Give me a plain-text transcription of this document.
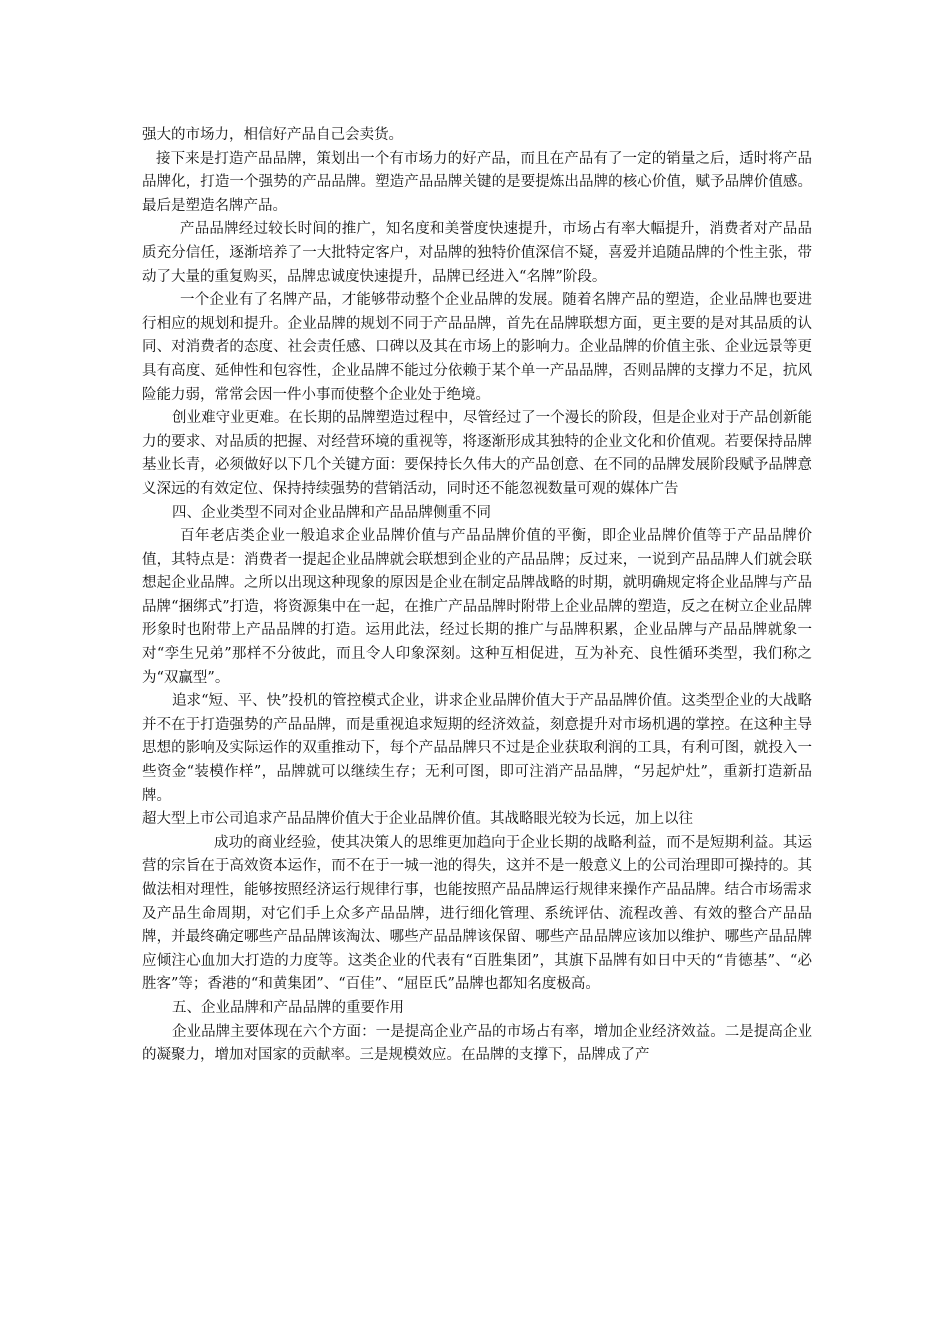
强大的市场力，相信好产品自己会卖货。

接下来是打造产品品牌，策划出一个有市场力的好产品，而且在产品有了一定的销量之后，适时将产品品牌化，打造一个强势的产品品牌。塑造产品品牌关键的是要提炼出品牌的核心价值，赋予品牌价值感。 最后是塑造名牌产品。

产品品牌经过较长时间的推广，知名度和美誉度快速提升，市场占有率大幅提升，消费者对产品品质充分信任，逐渐培养了一大批特定客户，对品牌的独特价值深信不疑，喜爱并追随品牌的个性主张，带动了大量的重复购买，品牌忠诚度快速提升，品牌已经进入“名牌”阶段。

一个企业有了名牌产品，才能够带动整个企业品牌的发展。随着名牌产品的塑造，企业品牌也要进行相应的规划和提升。企业品牌的规划不同于产品品牌，首先在品牌联想方面，更主要的是对其品质的认同、对消费者的态度、社会责任感、口碑以及其在市场上的影响力。企业品牌的价值主张、企业远景等更具有高度、延伸性和包容性，企业品牌不能过分依赖于某个单一产品品牌，否则品牌的支撑力不足，抗风险能力弱，常常会因一件小事而使整个企业处于绝境。

创业难守业更难。在长期的品牌塑造过程中，尽管经过了一个漫长的阶段，但是企业对于产品创新能力的要求、对品质的把握、对经营环境的重视等，将逐渐形成其独特的企业文化和价值观。若要保持品牌基业长青，必须做好以下几个关键方面：要保持长久伟大的产品创意、在不同的品牌发展阶段赋予品牌意义深远的有效定位、保持持续强势的营销活动，同时还不能忽视数量可观的媒体广告

四、企业类型不同对企业品牌和产品品牌侧重不同

百年老店类企业一般追求企业品牌价值与产品品牌价值的平衡，即企业品牌价值等于产品品牌价值，其特点是：消费者一提起企业品牌就会联想到企业的产品品牌；反过来，一说到产品品牌人们就会联想起企业品牌。之所以出现这种现象的原因是企业在制定品牌战略的时期，就明确规定将企业品牌与产品品牌“捆绑式”打造，将资源集中在一起，在推广产品品牌时附带上企业品牌的塑造，反之在树立企业品牌形象时也附带上产品品牌的打造。运用此法，经过长期的推广与品牌积累，企业品牌与产品品牌就象一对“孪生兄弟”那样不分彼此，而且令人印象深刻。这种互相促进，互为补充、良性循环类型，我们称之为“双赢型”。

追求“短、平、快”投机的管控模式企业，讲求企业品牌价值大于产品品牌价值。这类型企业的大战略并不在于打造强势的产品品牌，而是重视追求短期的经济效益，刻意提升对市场机遇的掌控。在这种主导思想的影响及实际运作的双重推动下，每个产品品牌只不过是企业获取利润的工具，有利可图，就投入一些资金“装模作样”，品牌就可以继续生存；无利可图，即可注消产品品牌，“另起炉灶”，重新打造新品牌。

超大型上市公司追求产品品牌价值大于企业品牌价值。其战略眼光较为长远，加上以往

成功的商业经验，使其决策人的思维更加趋向于企业长期的战略利益，而不是短期利益。其运营的宗旨在于高效资本运作，而不在于一城一池的得失，这并不是一般意义上的公司治理即可操持的。其做法相对理性，能够按照经济运行规律行事，也能按照产品品牌运行规律来操作产品品牌。结合市场需求及产品生命周期，对它们手上众多产品品牌，进行细化管理、系统评估、流程改善、有效的整合产品品牌，并最终确定哪些产品品牌该淘汰、哪些产品品牌该保留、哪些产品品牌应该加以维护、哪些产品品牌应倾注心血加大打造的力度等。这类企业的代表有“百胜集团”，其旗下品牌有如日中天的“肯德基”、“必胜客”等；香港的“和黄集团”、“百佳”、“屈臣氏”品牌也都知名度极高。

五、企业品牌和产品品牌的重要作用

企业品牌主要体现在六个方面：一是提高企业产品的市场占有率，增加企业经济效益。二是提高企业的凝聚力，增加对国家的贡献率。三是规模效应。在品牌的支撑下，品牌成了产
